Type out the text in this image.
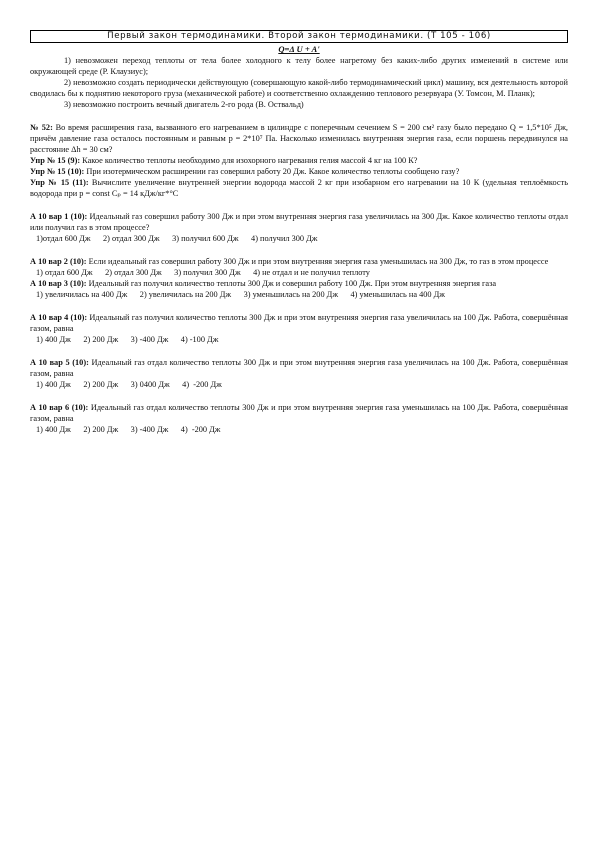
Первый закон термодинамики. Второй закон термодинамики. (Т 105 - 106)
Q=Δ U + A'

1) невозможен переход теплоты от тела более холодного к телу более нагретому без каких-либо других изменений в системе или окружающей среде (Р. Клаузиус);

2) невозможно создать периодически действующую (совершающую какой-либо термодинамический цикл) машину, вся деятельность которой сводилась бы к поднятию некоторого груза (механической работе) и соответственно охлаждению теплового резервуара (У. Томсон, М. Планк);

3) невозможно построить вечный двигатель 2-го рода (В. Оствальд)

№ 52: Во время расширения газа, вызванного его нагреванием в цилиндре с поперечным сечением S = 200 см² газу было передано Q = 1,5*10⁵ Дж, причём давление газа осталось постоянным и равным p = 2*10⁷ Па. Насколько изменилась внутренняя энергия газа, если поршень передвинулся на расстояние Δh = 30 см?

Упр № 15 (9): Какое количество теплоты необходимо для изохорного нагревания гелия массой 4 кг на 100 К?

Упр № 15 (10): При изотермическом расширении газ совершил работу 20 Дж. Какое количество теплоты сообщено газу?

Упр № 15 (11): Вычислите увеличение внутренней энергии водорода массой 2 кг при изобарном его нагревании на 10 К (удельная теплоёмкость водорода при p = const Cₚ = 14 кДж/кг*°C

А 10 вар 1 (10): Идеальный газ совершил работу 300 Дж и при этом внутренняя энергия газа увеличилась на 300 Дж. Какое количество теплоты отдал или получил газ в этом процессе?

1)отдал 600 Дж      2) отдал 300 Дж      3) получил 600 Дж      4) получил 300 Дж

А 10 вар 2 (10): Если идеальный газ совершил работу 300 Дж и при этом внутренняя энергия газа уменьшилась на 300 Дж, то газ в этом процессе

1) отдал 600 Дж      2) отдал 300 Дж      3) получил 300 Дж      4) не отдал и не получил теплоту

А 10 вар 3 (10): Идеальный газ получил количество теплоты 300 Дж и совершил работу 100 Дж. При этом внутренняя энергия газа

1) увеличилась на 400 Дж      2) увеличилась на 200 Дж      3) уменьшилась на 200 Дж      4) уменьшилась на 400 Дж

А 10 вар 4 (10): Идеальный газ получил количество теплоты 300 Дж и при этом внутренняя энергия газа увеличилась на 100 Дж. Работа, совершённая газом, равна

1) 400 Дж      2) 200 Дж      3) -400 Дж      4) -100 Дж

А 10 вар 5 (10): Идеальный газ отдал количество теплоты 300 Дж и при этом внутренняя энергия газа увеличилась на 100 Дж. Работа, совершённая газом, равна

1) 400 Дж      2) 200 Дж      3) 0400 Дж      4)  -200 Дж

А 10 вар 6 (10): Идеальный газ отдал количество теплоты 300 Дж и при этом внутренняя энергия газа уменьшилась на 100 Дж. Работа, совершённая газом, равна

1) 400 Дж      2) 200 Дж      3) -400 Дж      4)  -200 Дж
